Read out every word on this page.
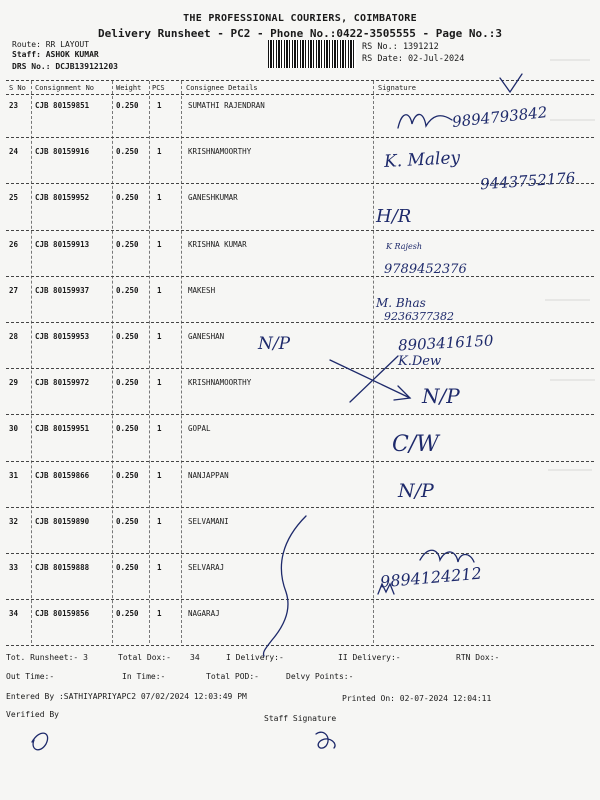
THE PROFESSIONAL COURIERS, COIMBATORE
Delivery Runsheet - PC2 - Phone No.:0422-3505555 - Page No.:3
Route: RR LAYOUT
Staff: ASHOK KUMAR
DRS No.: DCJB139121203
RS No.: 1391212
RS Date: 02-Jul-2024
S No Consignment No	Weight PCS	Consignee Details	Signature
23 CJB 80159851	0.250 1	SUMATHI RAJENDRAN
24 CJB 80159916	0.250 1	KRISHNAMOORTHY
25 CJB 80159952	0.250 1	GANESHKUMAR
26 CJB 80159913	0.250 1	KRISHNA KUMAR
27 CJB 80159937	0.250 1	MAKESH
28 CJB 80159953	0.250 1	GANESHAN
29 CJB 80159972	0.250 1	KRISHNAMOORTHY
30 CJB 80159951	0.250 1	GOPAL
31 CJB 80159866	0.250 1	NANJAPPAN
32 CJB 80159890	0.250 1	SELVAMANI
33 CJB 80159888	0.250 1	SELVARAJ
34 CJB 80159856	0.250 1	NAGARAJ
Tot. Runsheet:- 3	Total Dox:- 34	I Delivery:-	II Delivery:-	RTN Dox:-
Out Time:-	In Time:-	Total POD:-	Delvy Points:-
Entered By :SATHIYAPRIYAPC2 07/02/2024 12:03:49 PM	Printed On: 02-07-2024 12:04:11
Verified By	Staff Signature
9894793842
K. Maley
9443752176
H/R
K Rajesh
9789452376
M. Bhas
9236377382
N/P	8903416150
K.Dew
N/P
C/W
N/P
9894124212
